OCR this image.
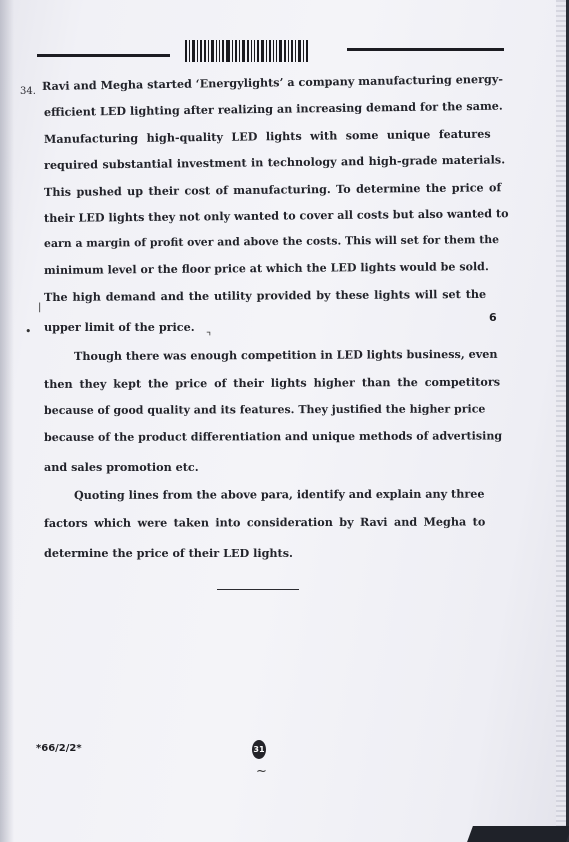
34. Ravi and Megha started ‘Energylights’ a company manufacturing energy-
efficient LED lighting after realizing an increasing demand for the same.
Manufacturing high-quality LED lights with some unique features
required substantial investment in technology and high-grade materials.
This pushed up their cost of manufacturing. To determine the price of
their LED lights they not only wanted to cover all costs but also wanted to
earn a margin of profit over and above the costs. This will set for them the
minimum level or the floor price at which the LED lights would be sold.
The high demand and the utility provided by these lights will set the
• upper limit of the price.
|
⌝
6
Though there was enough competition in LED lights business, even
then they kept the price of their lights higher than the competitors
because of good quality and its features. They justified the higher price
because of the product differentiation and unique methods of advertising
and sales promotion etc.
Quoting lines from the above para, identify and explain any three
factors which were taken into consideration by Ravi and Megha to
determine the price of their LED lights.
*66/2/2*	31
~
